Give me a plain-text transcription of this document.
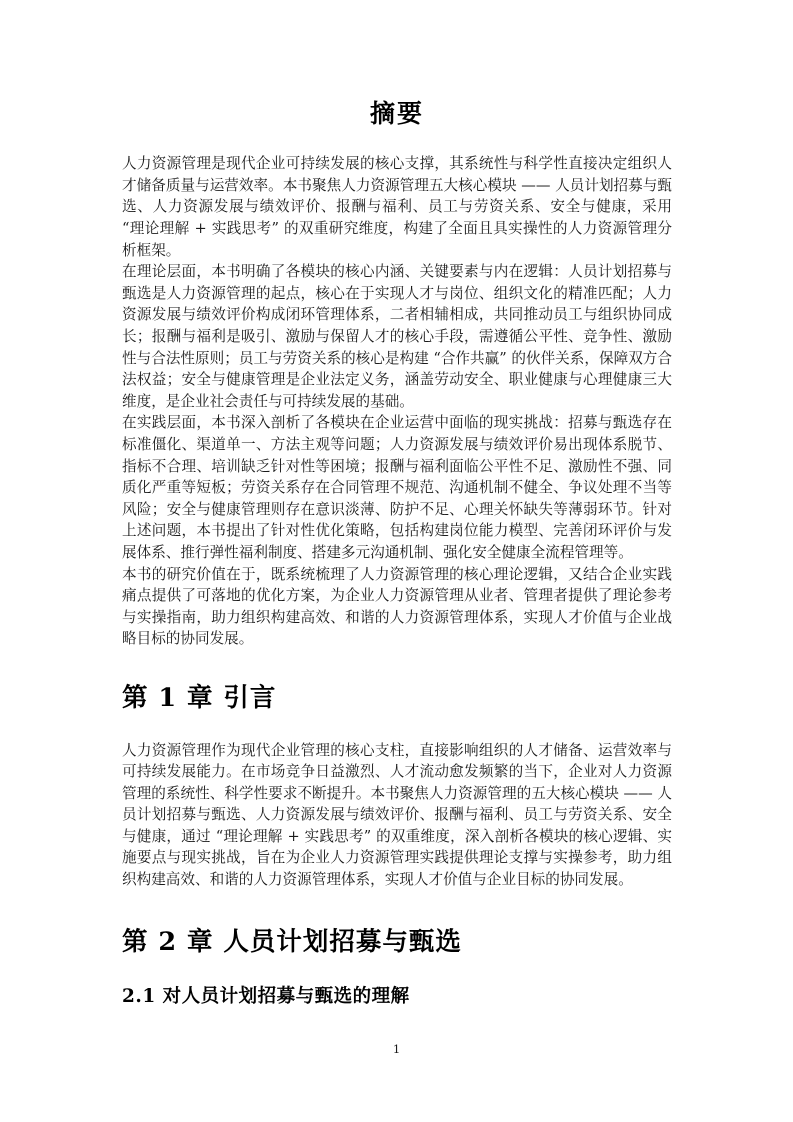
摘要

人力资源管理是现代企业可持续发展的核心支撑，其系统性与科学性直接决定组织人才储备质量与运营效率。本书聚焦人力资源管理五大核心模块 —— 人员计划招募与甄选、人力资源发展与绩效评价、报酬与福利、员工与劳资关系、安全与健康，采用 “理论理解 + 实践思考” 的双重研究维度，构建了全面且具实操性的人力资源管理分析框架。

在理论层面，本书明确了各模块的核心内涵、关键要素与内在逻辑：人员计划招募与甄选是人力资源管理的起点，核心在于实现人才与岗位、组织文化的精准匹配；人力资源发展与绩效评价构成闭环管理体系，二者相辅相成，共同推动员工与组织协同成长；报酬与福利是吸引、激励与保留人才的核心手段，需遵循公平性、竞争性、激励性与合法性原则；员工与劳资关系的核心是构建 “合作共赢” 的伙伴关系，保障双方合法权益；安全与健康管理是企业法定义务，涵盖劳动安全、职业健康与心理健康三大维度，是企业社会责任与可持续发展的基础。

在实践层面，本书深入剖析了各模块在企业运营中面临的现实挑战：招募与甄选存在标准僵化、渠道单一、方法主观等问题；人力资源发展与绩效评价易出现体系脱节、指标不合理、培训缺乏针对性等困境；报酬与福利面临公平性不足、激励性不强、同质化严重等短板；劳资关系存在合同管理不规范、沟通机制不健全、争议处理不当等风险；安全与健康管理则存在意识淡薄、防护不足、心理关怀缺失等薄弱环节。针对上述问题，本书提出了针对性优化策略，包括构建岗位能力模型、完善闭环评价与发展体系、推行弹性福利制度、搭建多元沟通机制、强化安全健康全流程管理等。

本书的研究价值在于，既系统梳理了人力资源管理的核心理论逻辑，又结合企业实践痛点提供了可落地的优化方案，为企业人力资源管理从业者、管理者提供了理论参考与实操指南，助力组织构建高效、和谐的人力资源管理体系，实现人才价值与企业战略目标的协同发展。

第 1 章 引言

人力资源管理作为现代企业管理的核心支柱，直接影响组织的人才储备、运营效率与可持续发展能力。在市场竞争日益激烈、人才流动愈发频繁的当下，企业对人力资源管理的系统性、科学性要求不断提升。本书聚焦人力资源管理的五大核心模块 —— 人员计划招募与甄选、人力资源发展与绩效评价、报酬与福利、员工与劳资关系、安全与健康，通过 “理论理解 + 实践思考” 的双重维度，深入剖析各模块的核心逻辑、实施要点与现实挑战，旨在为企业人力资源管理实践提供理论支撑与实操参考，助力组织构建高效、和谐的人力资源管理体系，实现人才价值与企业目标的协同发展。

第 2 章 人员计划招募与甄选
2.1 对人员计划招募与甄选的理解
1
